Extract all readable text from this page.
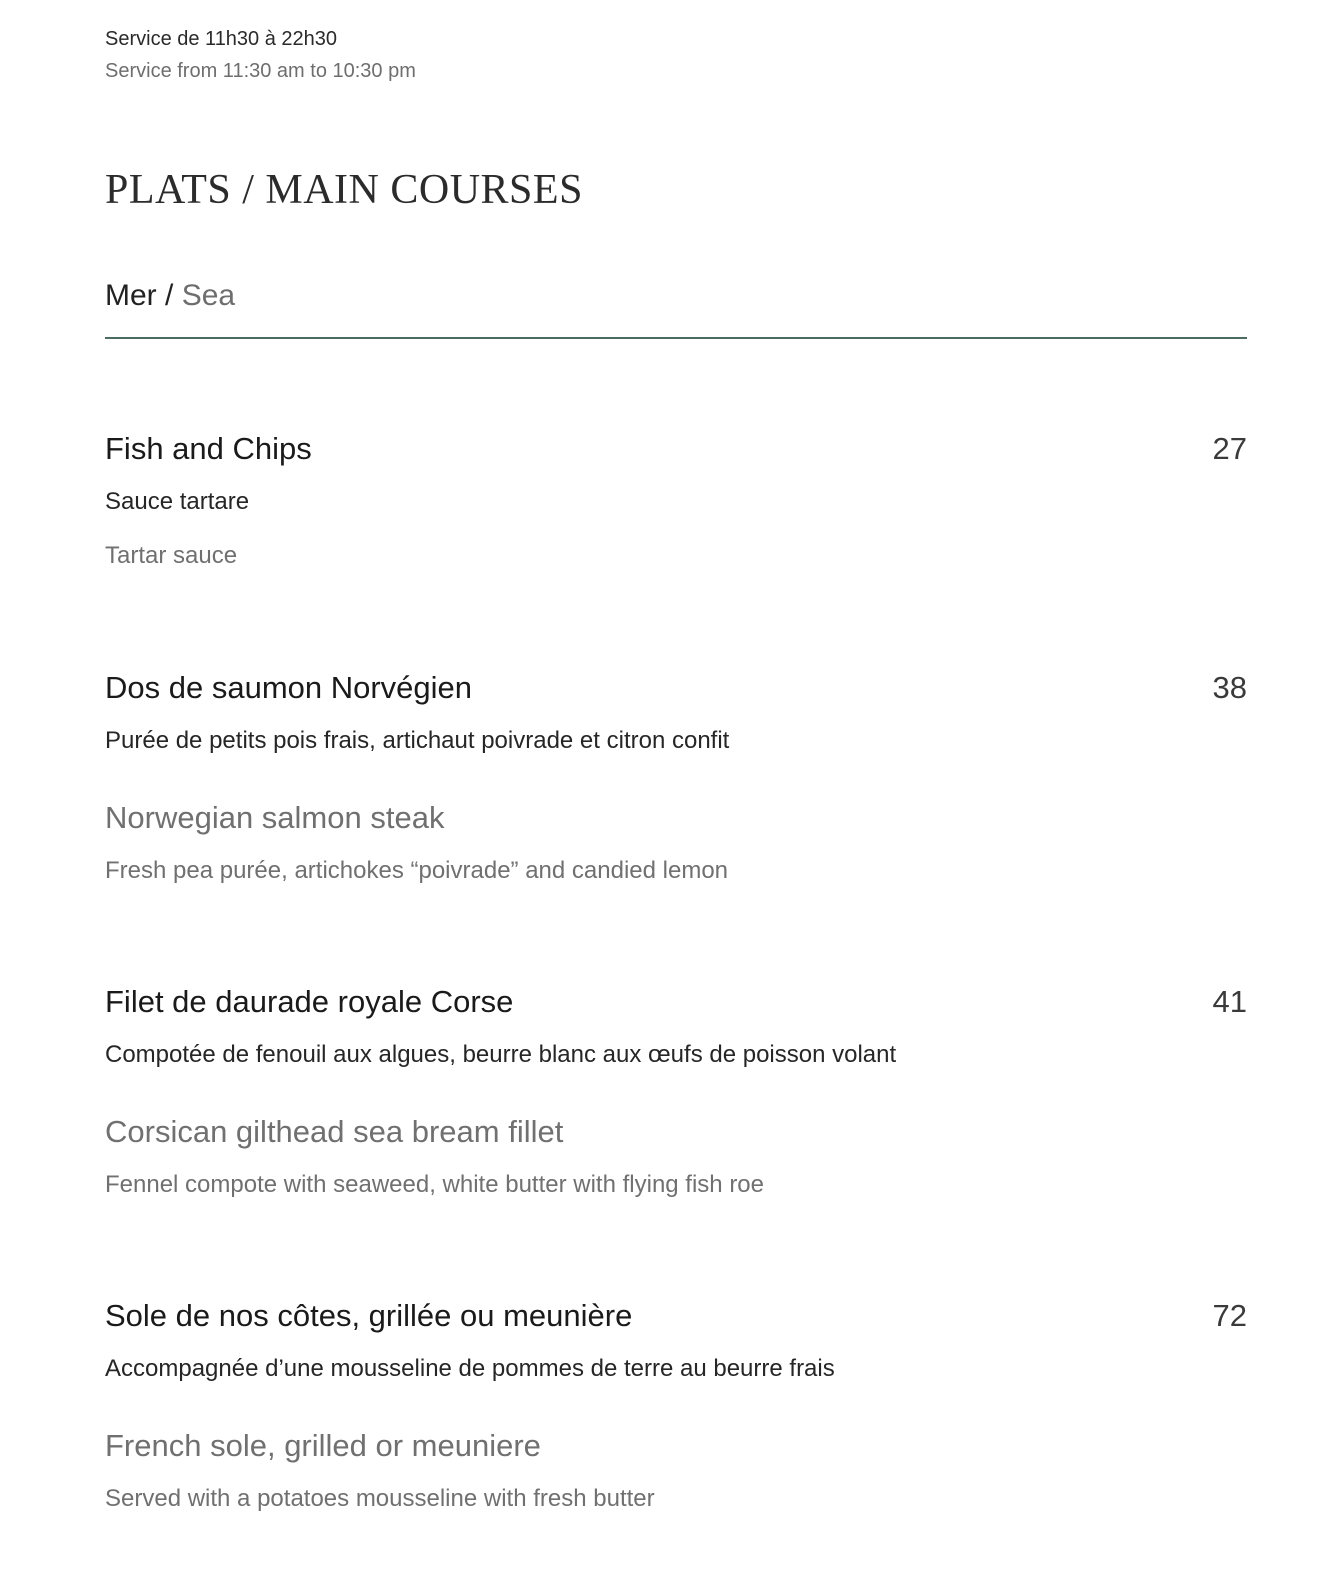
Service de 11h30 à 22h30
Service from 11:30 am to 10:30 pm
PLATS / MAIN COURSES
Mer / Sea
Fish and Chips	27
Sauce tartare
Tartar sauce
Dos de saumon Norvégien	38
Purée de petits pois frais, artichaut poivrade et citron confit
Norwegian salmon steak
Fresh pea purée, artichokes “poivrade” and candied lemon
Filet de daurade royale Corse	41
Compotée de fenouil aux algues, beurre blanc aux œufs de poisson volant
Corsican gilthead sea bream fillet
Fennel compote with seaweed, white butter with flying fish roe
Sole de nos côtes, grillée ou meunière	72
Accompagnée d’une mousseline de pommes de terre au beurre frais
French sole, grilled or meuniere
Served with a potatoes mousseline with fresh butter
